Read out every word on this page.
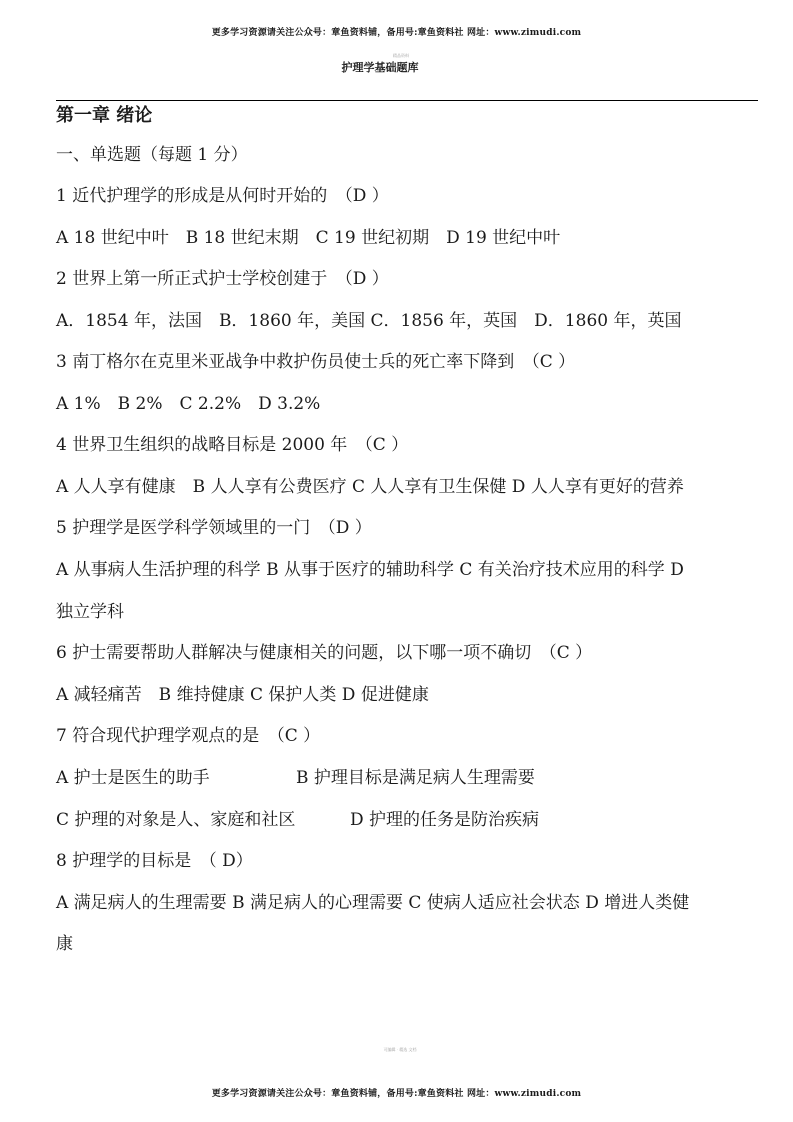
更多学习资源请关注公众号：章鱼资料铺，备用号:章鱼资料社 网址：www.zimudi.com
精品资料
护理学基础题库
第一章 绪论
一、单选题（每题 1 分）
1 近代护理学的形成是从何时开始的　（D ）
A 18 世纪中叶　B 18 世纪末期　C 19 世纪初期　D 19 世纪中叶
2 世界上第一所正式护士学校创建于　（D ）
A．1854 年，法国　B．1860 年，美国 C．1856 年，英国　D．1860 年，英国
3 南丁格尔在克里米亚战争中救护伤员使士兵的死亡率下降到　（C ）
A 1%　B 2%　C 2.2%　D 3.2%
4 世界卫生组织的战略目标是 2000 年　（C ）
A 人人享有健康　B 人人享有公费医疗 C 人人享有卫生保健 D 人人享有更好的营养
5 护理学是医学科学领域里的一门　（D ）
A 从事病人生活护理的科学 B 从事于医疗的辅助科学 C 有关治疗技术应用的科学 D
独立学科
6 护士需要帮助人群解决与健康相关的问题，以下哪一项不确切　（C ）
A 减轻痛苦　B 维持健康 C 保护人类 D 促进健康
7 符合现代护理学观点的是　（C ）
A 护士是医生的助手	B 护理目标是满足病人生理需要
C 护理的对象是人、家庭和社区	D 护理的任务是防治疾病
8 护理学的目标是　（ D）
A 满足病人的生理需要 B 满足病人的心理需要 C 使病人适应社会状态 D 增进人类健
康
可编辑 · 精选 文档
更多学习资源请关注公众号：章鱼资料铺，备用号:章鱼资料社 网址：www.zimudi.com
